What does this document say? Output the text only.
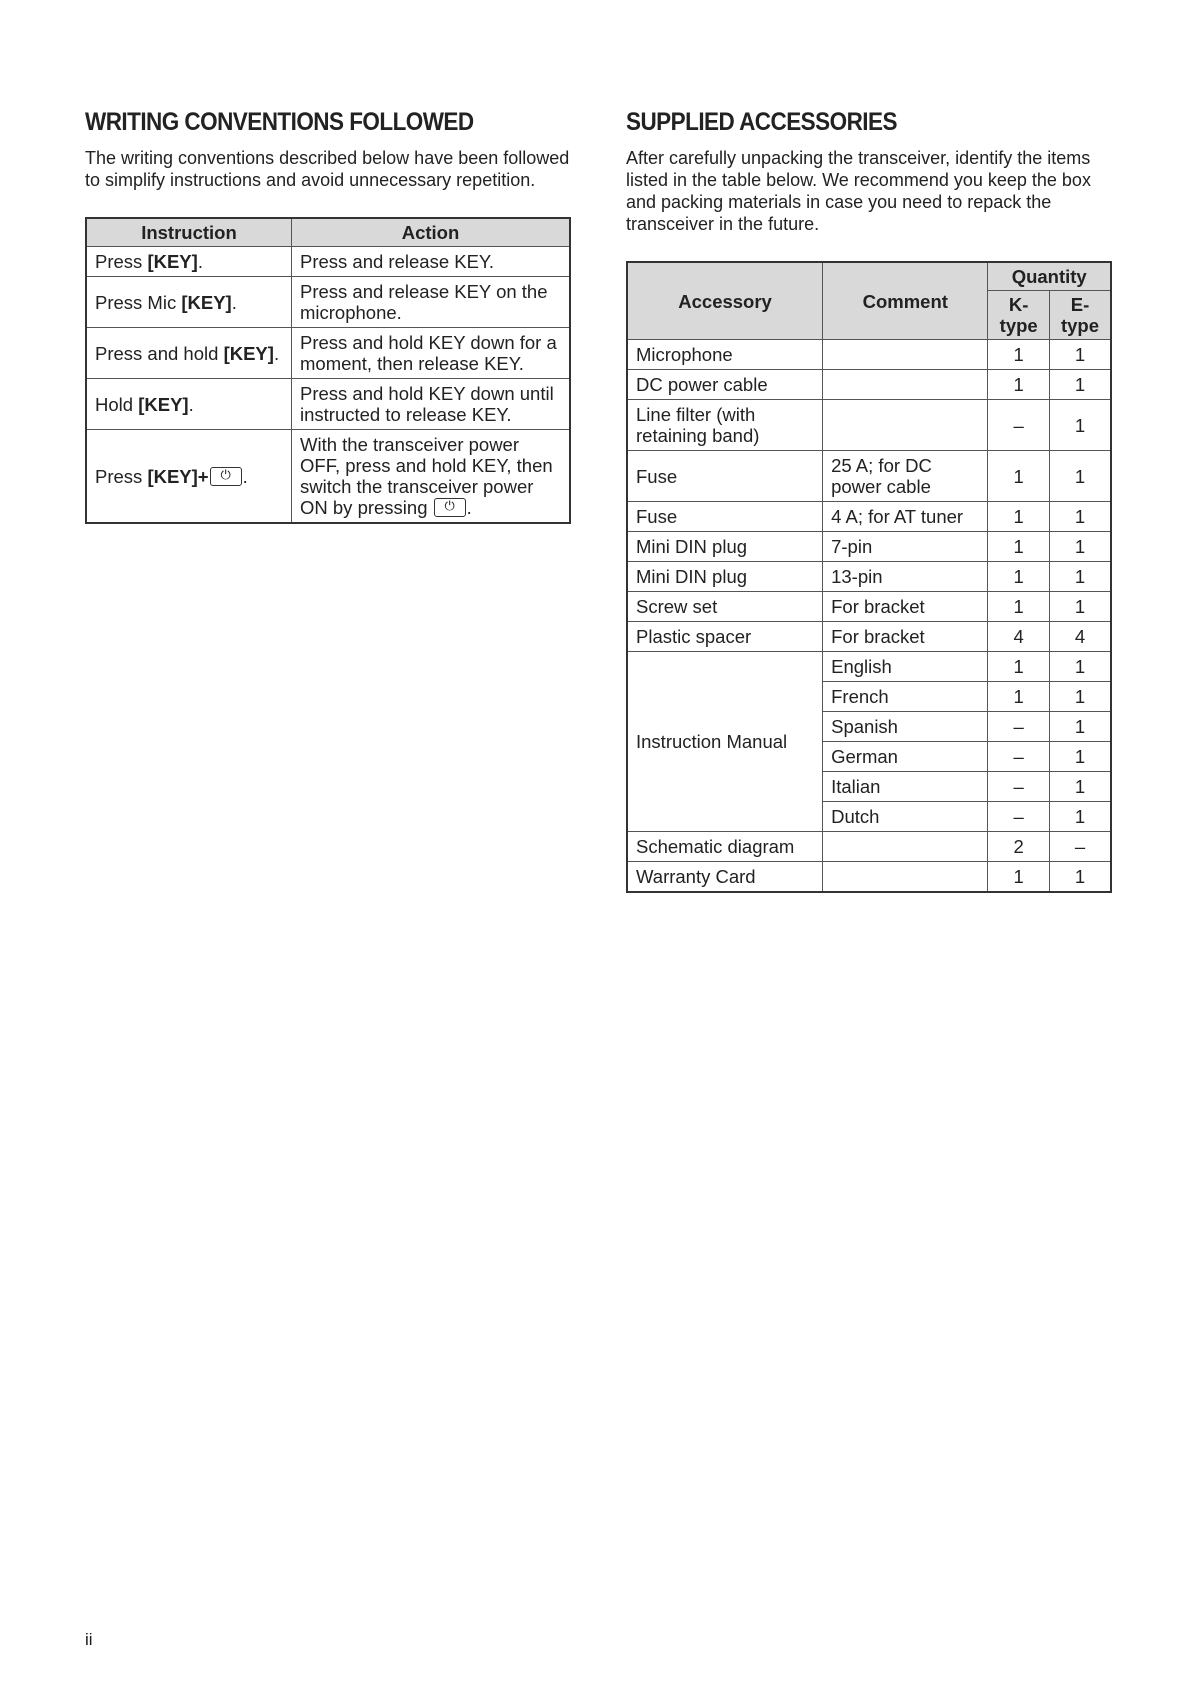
WRITING CONVENTIONS FOLLOWED

The writing conventions described below have been followed to simplify instructions and avoid unnecessary repetition.

Instruction	Action
Press [KEY].	Press and release KEY.
Press Mic [KEY].	Press and release KEY on the microphone.
Press and hold [KEY].	Press and hold KEY down for a moment, then release KEY.
Hold [KEY].	Press and hold KEY down until instructed to release KEY.
Press [KEY]+ ⏻ .	With the transceiver power OFF, press and hold KEY, then switch the transceiver power ON by pressing ⏻ .
SUPPLIED ACCESSORIES

After carefully unpacking the transceiver, identify the items listed in the table below. We recommend you keep the box and packing materials in case you need to repack the transceiver in the future.

Accessory	Comment	Quantity	
		K-type	E-type
Microphone		1	1
DC power cable		1	1
Line filter (with retaining band)		–	1
Fuse	25 A; for DC power cable	1	1
Fuse	4 A; for AT tuner	1	1
Mini DIN plug	7-pin	1	1
Mini DIN plug	13-pin	1	1
Screw set	For bracket	1	1
Plastic spacer	For bracket	4	4
Instruction Manual	English	1	1
	French	1	1
	Spanish	–	1
	German	–	1
	Italian	–	1
	Dutch	–	1
Schematic diagram		2	–
Warranty Card		1	1
ii
